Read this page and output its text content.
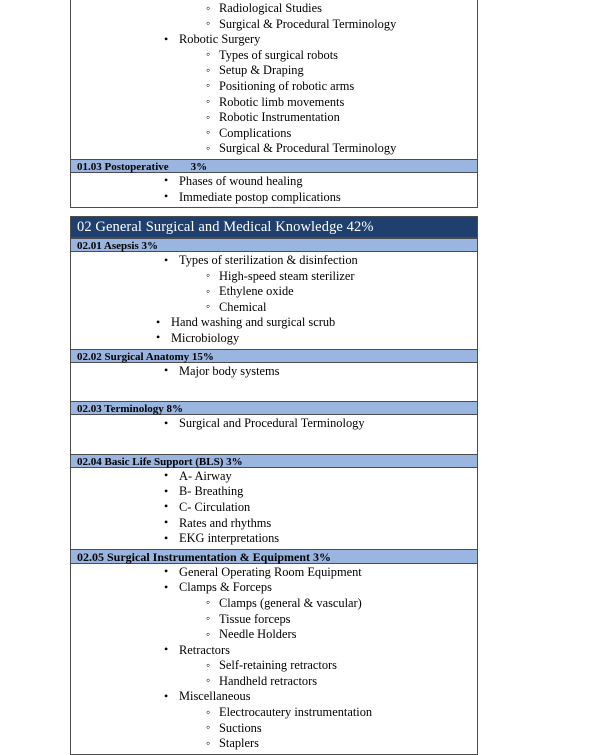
◦ Radiological Studies
◦ Surgical & Procedural Terminology
• Robotic Surgery
◦ Types of surgical robots
◦ Setup & Draping
◦ Positioning of robotic arms
◦ Robotic limb movements
◦ Robotic Instrumentation
◦ Complications
◦ Surgical & Procedural Terminology
01.03 Postoperative 3%
• Phases of wound healing
• Immediate postop complications
02 General Surgical and Medical Knowledge 42%
02.01 Asepsis 3%
• Types of sterilization & disinfection
◦ High-speed steam sterilizer
◦ Ethylene oxide
◦ Chemical
• Hand washing and surgical scrub
• Microbiology
02.02 Surgical Anatomy 15%
• Major body systems
02.03 Terminology 8%
• Surgical and Procedural Terminology
02.04 Basic Life Support (BLS) 3%
• A- Airway
• B- Breathing
• C- Circulation
• Rates and rhythms
• EKG interpretations
02.05 Surgical Instrumentation & Equipment 3%
• General Operating Room Equipment
• Clamps & Forceps
◦ Clamps (general & vascular)
◦ Tissue forceps
◦ Needle Holders
• Retractors
◦ Self-retaining retractors
◦ Handheld retractors
• Miscellaneous
◦ Electrocautery instrumentation
◦ Suctions
◦ Staplers
